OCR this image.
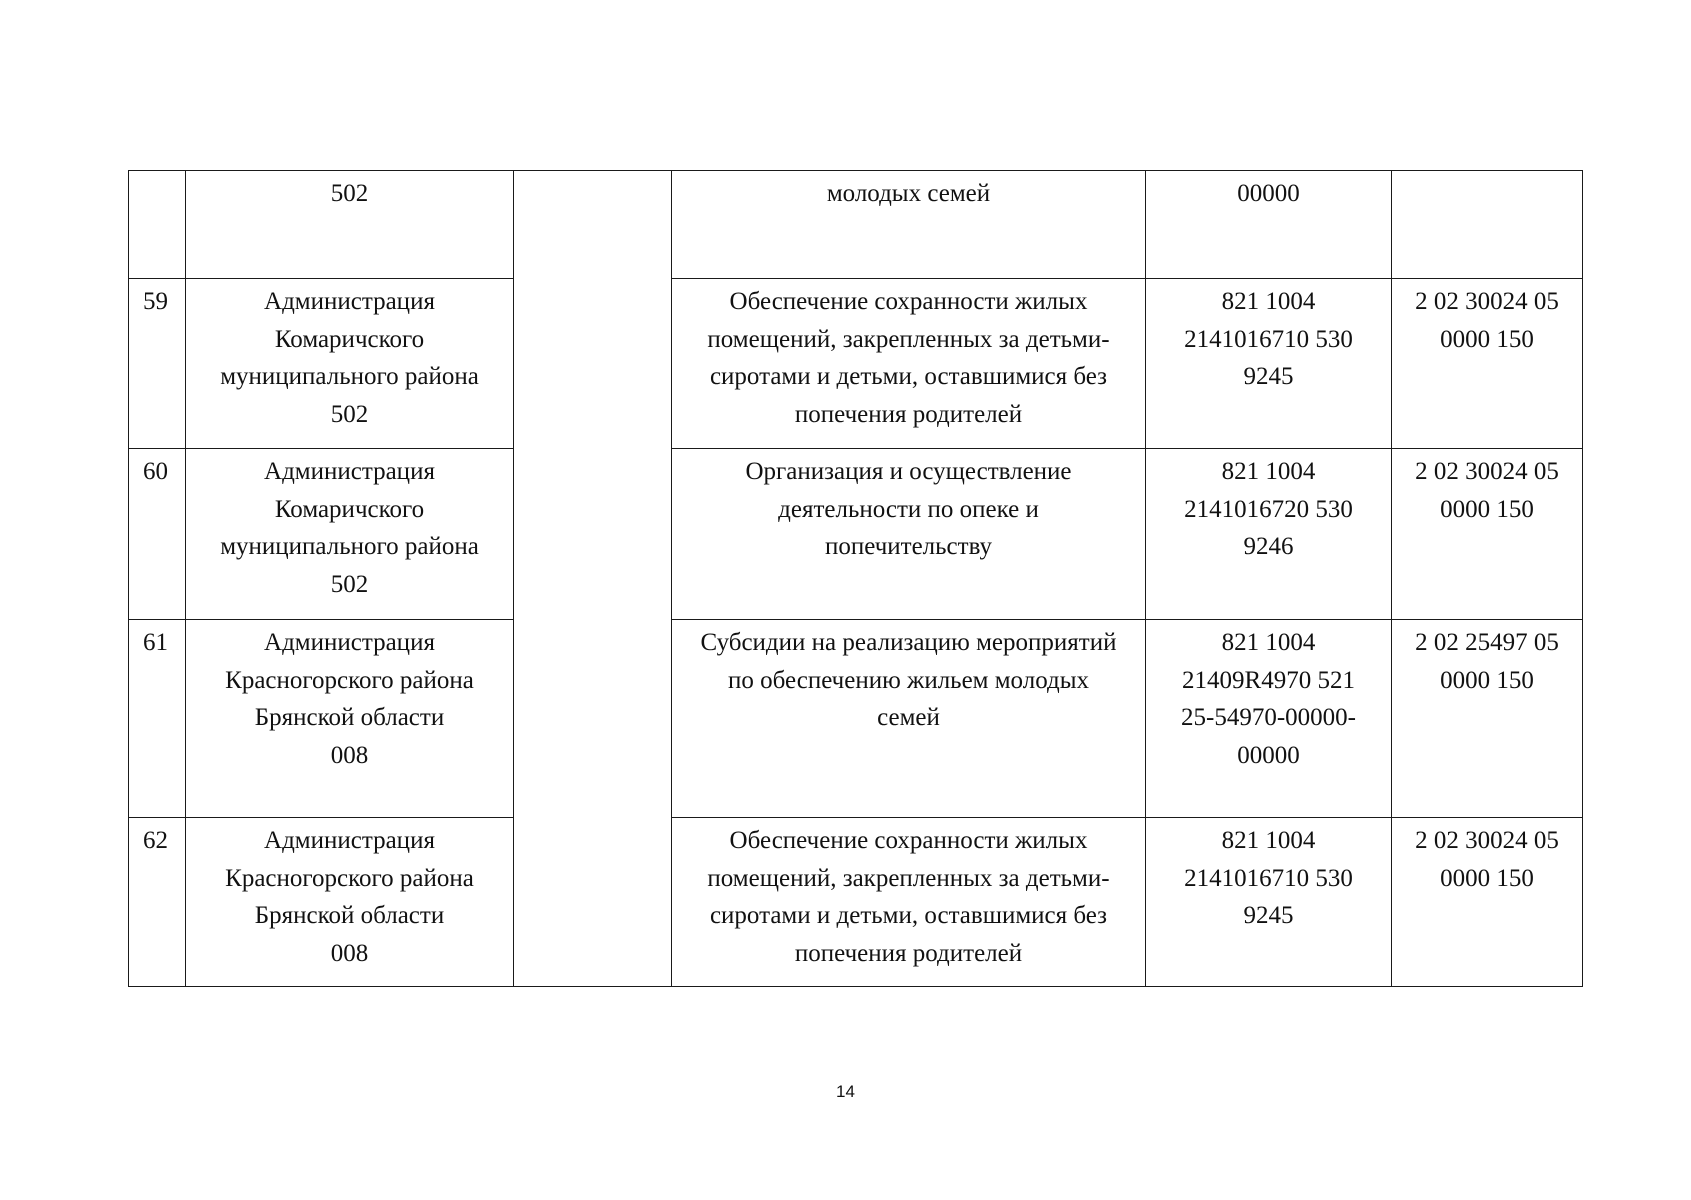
	502		молодых семей	00000	

59	Администрация
Комаричского
муниципального района
502		Обеспечение сохранности жилых
помещений, закрепленных за детьми-
сиротами и детьми, оставшимися без
попечения родителей	821 1004
2141016710 530
9245	2 02 30024 05
0000 150

60	Администрация
Комаричского
муниципального района
502		Организация и осуществление
деятельности по опеке и
попечительству	821 1004
2141016720 530
9246	2 02 30024 05
0000 150

61	Администрация
Красногорского района
Брянской области
008		Субсидии на реализацию мероприятий
по обеспечению жильем молодых
семей	821 1004
21409R4970 521
25-54970-00000-
00000	2 02 25497 05
0000 150

62	Администрация
Красногорского района
Брянской области
008		Обеспечение сохранности жилых
помещений, закрепленных за детьми-
сиротами и детьми, оставшимися без
попечения родителей	821 1004
2141016710 530
9245	2 02 30024 05
0000 150
14
